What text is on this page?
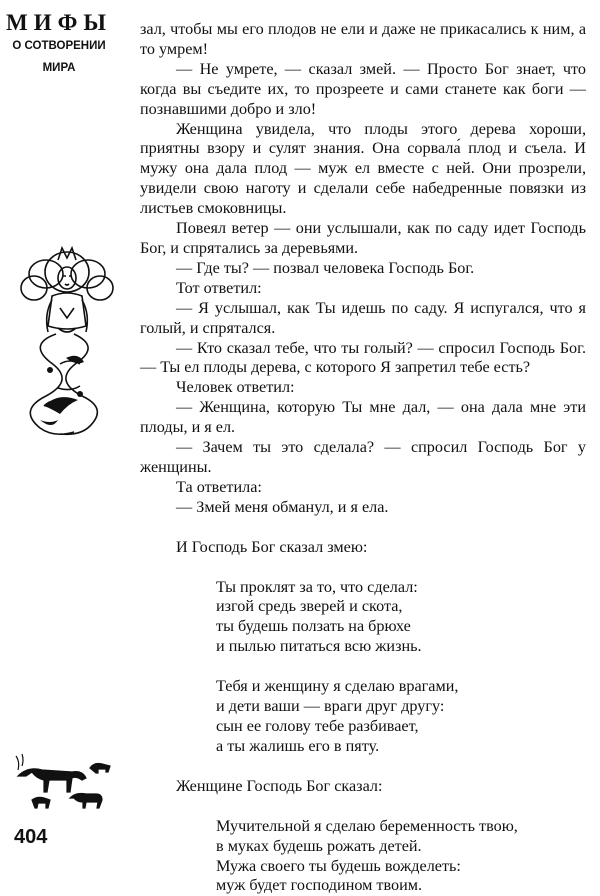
МИФЫ
О СОТВОРЕНИИ
МИРА
404

зал, чтобы мы его плодов не ели и даже не прикасались к ним, а то умрем!

— Не умрете, — сказал змей. — Просто Бог знает, что когда вы съедите их, то прозреете и сами станете как боги — познавшими добро и зло!

Женщина увидела, что плоды этого дерева хороши, приятны взору и сулят знания. Она сорвала́ плод и съела. И мужу она дала плод — муж ел вместе с ней. Они прозрели, увидели свою наготу и сделали себе набедренные повязки из листьев смоковницы.

Повеял ветер — они услышали, как по саду идет Господь Бог, и спрятались за деревьями.

— Где ты? — позвал человека Господь Бог.

Тот ответил:

— Я услышал, как Ты идешь по саду. Я испугался, что я голый, и спрятался.

— Кто сказал тебе, что ты голый? — спросил Господь Бог. — Ты ел плоды дерева, с которого Я запретил тебе есть?

Человек ответил:

— Женщина, которую Ты мне дал, — она дала мне эти плоды, и я ел.

— Зачем ты это сделала? — спросил Господь Бог у женщины.

Та ответила:

— Змей меня обманул, и я ела.

И Господь Бог сказал змею:

Ты проклят за то, что сделал:
изгой средь зверей и скота,
ты будешь ползать на брюхе
и пылью питаться всю жизнь.
Тебя и женщину я сделаю врагами,
и дети ваши — враги друг другу:
сын ее голову тебе разбивает,
а ты жалишь его в пяту.

Женщине Господь Бог сказал:

Мучительной я сделаю беременность твою,
в муках будешь рожать детей.
Мужа своего ты будешь вожделеть:
муж будет господином твоим.
